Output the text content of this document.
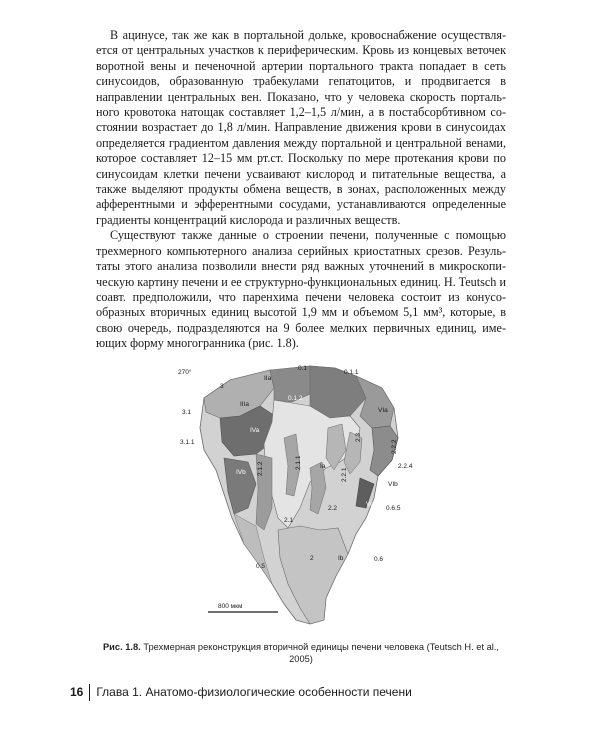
В ацинусе, так же как в портальной дольке, кровоснабжение осуществляется от центральных участков к периферическим. Кровь из концевых веточек воротной вены и печеночной артерии портального тракта попадает в сеть синусоидов, образованную трабекулами гепатоцитов, и продвигается в направлении центральных вен. Показано, что у человека скорость портального кровотока натощак составляет 1,2–1,5 л/мин, а в постабсорбтивном состоянии возрастает до 1,8 л/мин. Направление движения крови в синусоидах определяется градиентом давления между портальной и центральной венами, которое составляет 12–15 мм рт.ст. Поскольку по мере протекания крови по синусоидам клетки печени усваивают кислород и питательные вещества, а также выделяют продукты обмена веществ, в зонах, расположенных между афферентными и эфферентными сосудами, устанавливаются определенные градиенты концентраций кислорода и различных веществ.

Существуют также данные о строении печени, полученные с помощью трехмерного компьютерного анализа серийных криостатных срезов. Результаты этого анализа позволили внести ряд важных уточнений в микроскопическую картину печени и ее структурно-функциональных единиц. H. Teutsch и соавт. предположили, что паренхима печени человека состоит из конусообразных вторичных единиц высотой 1,9 мм и объемом 5,1 мм³, которые, в свою очередь, подразделяются на 9 более мелких первичных единиц, имеющих форму многогранника (рис. 1.8).

270°
3
IIa
0.1
0.1.1
IIIa
0.1.2
VIa
3.1
IVa
3.1.1
2.3
2.2.2
2.1.1
2.1.2	Ia
2.2.1
IVb
2.2.4
VIb
2.2
Vd
0.6.5
2.1
2	Ib	0.6
0.5
800 мкм
Рис. 1.8. Трехмерная реконструкция вторичной единицы печени человека (Teutsch H. et al., 2005)
16	Глава 1. Анатомо-физиологические особенности печени
